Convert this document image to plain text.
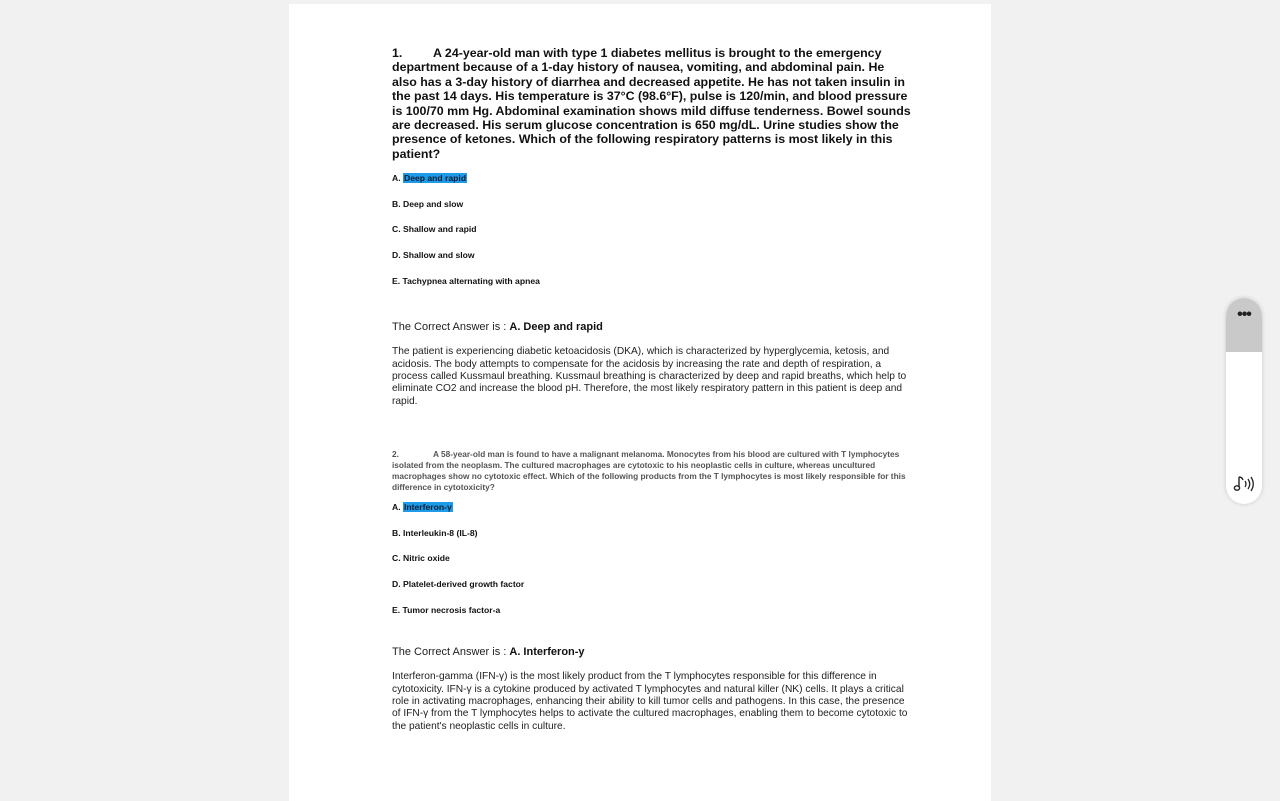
1. A 24-year-old man with type 1 diabetes mellitus is brought to the emergency department because of a 1-day history of nausea, vomiting, and abdominal pain. He also has a 3-day history of diarrhea and decreased appetite. He has not taken insulin in the past 14 days. His temperature is 37°C (98.6°F), pulse is 120/min, and blood pressure is 100/70 mm Hg. Abdominal examination shows mild diffuse tenderness. Bowel sounds are decreased. His serum glucose concentration is 650 mg/dL. Urine studies show the presence of ketones. Which of the following respiratory patterns is most likely in this patient?

A. Deep and rapid

B. Deep and slow

C. Shallow and rapid

D. Shallow and slow

E. Tachypnea alternating with apnea

The Correct Answer is : A. Deep and rapid

The patient is experiencing diabetic ketoacidosis (DKA), which is characterized by hyperglycemia, ketosis, and acidosis. The body attempts to compensate for the acidosis by increasing the rate and depth of respiration, a process called Kussmaul breathing. Kussmaul breathing is characterized by deep and rapid breaths, which help to eliminate CO2 and increase the blood pH. Therefore, the most likely respiratory pattern in this patient is deep and rapid.

2.	A 58-year-old man is found to have a malignant melanoma. Monocytes from his blood are cultured with T lymphocytes isolated from the neoplasm. The cultured macrophages are cytotoxic to his neoplastic cells in culture, whereas uncultured macrophages show no cytotoxic effect. Which of the following products from the T lymphocytes is most likely responsible for this difference in cytotoxicity?

A. Interferon-γ

B. Interleukin-8 (IL-8)

C. Nitric oxide

D. Platelet-derived growth factor

E. Tumor necrosis factor-a

The Correct Answer is : A. Interferon-y

Interferon-gamma (IFN-γ) is the most likely product from the T lymphocytes responsible for this difference in cytotoxicity. IFN-γ is a cytokine produced by activated T lymphocytes and natural killer (NK) cells. It plays a critical role in activating macrophages, enhancing their ability to kill tumor cells and pathogens. In this case, the presence of IFN-γ from the T lymphocytes helps to activate the cultured macrophages, enabling them to become cytotoxic to the patient's neoplastic cells in culture.

•••
